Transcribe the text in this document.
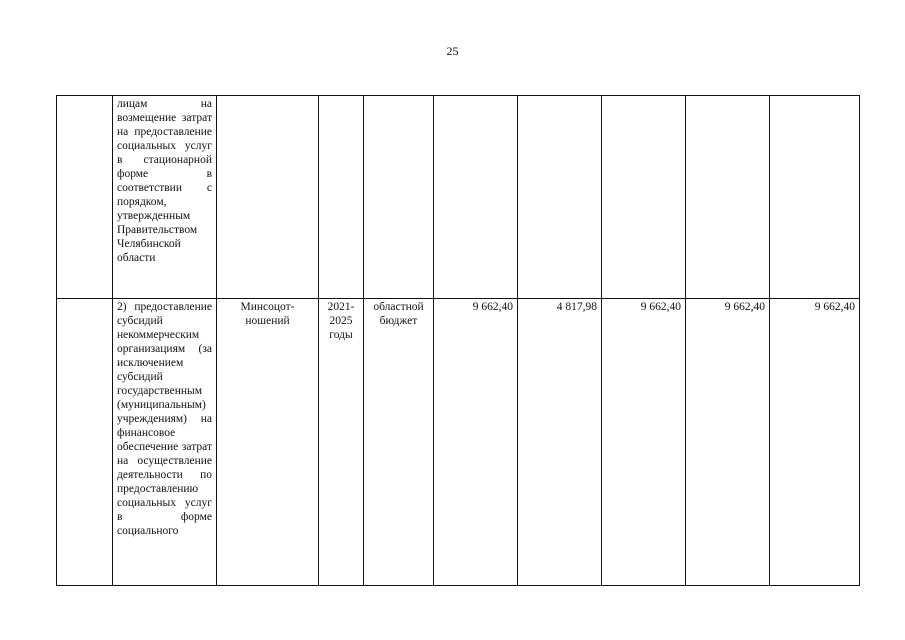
25
	лицам на возмещение затрат на предоставление социальных услуг в стационарной форме в соответствии с порядком, утвержденным Правительством Челябинской области								
	2) предоставление субсидий некоммерческим организациям (за исключением субсидий государственным (муниципальным) учреждениям) на финансовое обеспечение затрат на осуществление деятельности по предоставлению социальных услуг в форме социального	Минсоцотношений	2021-2025 годы	областной бюджет	9 662,40	4 817,98	9 662,40	9 662,40	9 662,40
